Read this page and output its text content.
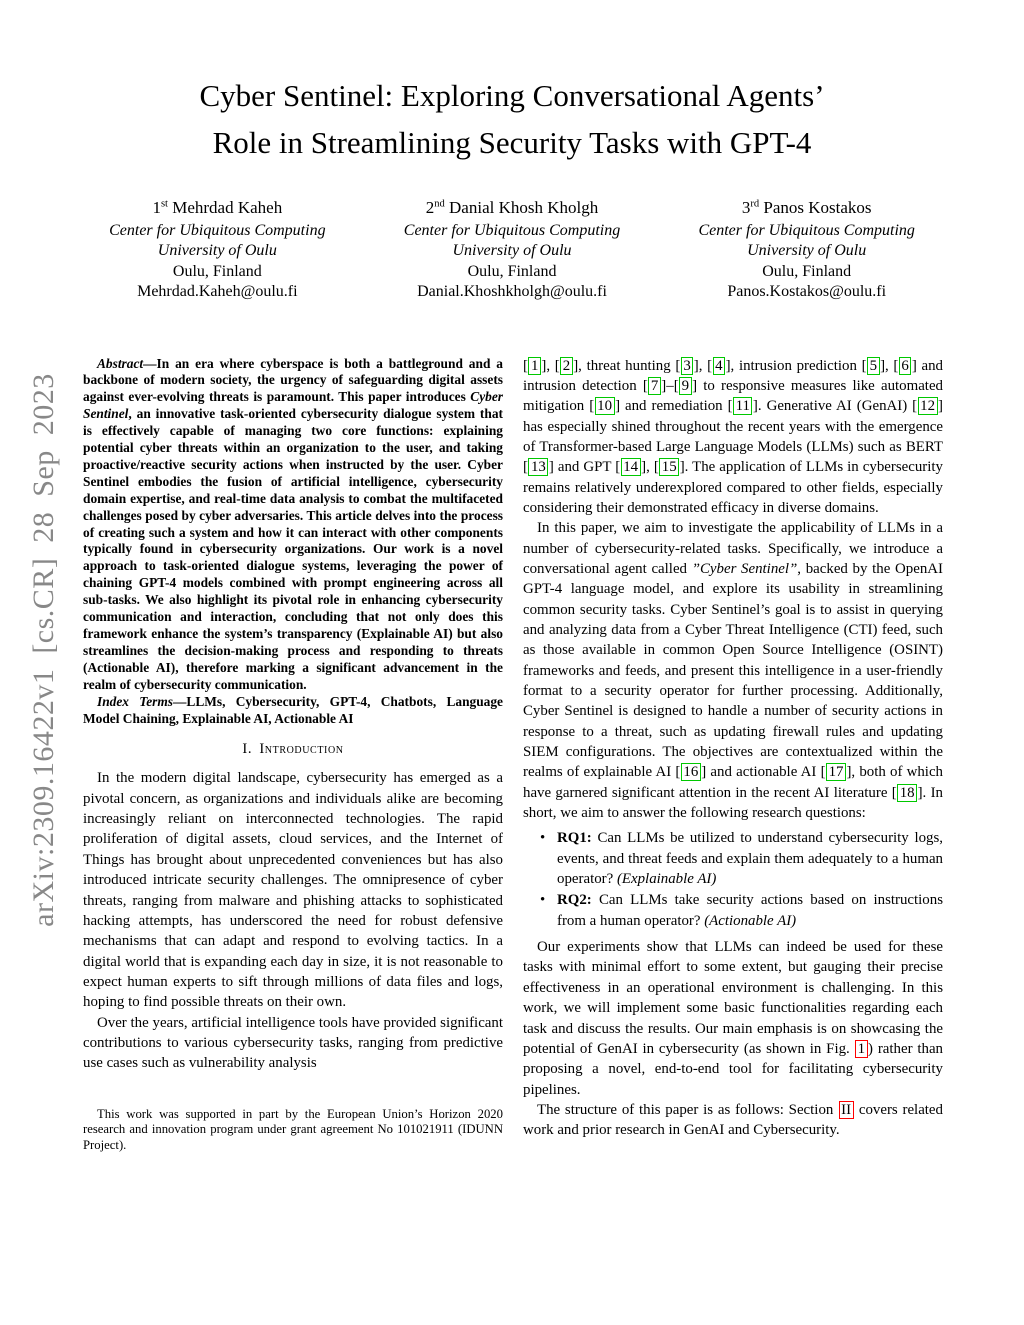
arXiv:2309.16422v1 [cs.CR] 28 Sep 2023
Cyber Sentinel: Exploring Conversational Agents’
Role in Streamlining Security Tasks with GPT-4
1st Mehrdad Kaheh
Center for Ubiquitous Computing
University of Oulu
Oulu, Finland
Mehrdad.Kaheh@oulu.fi
2nd Danial Khosh Kholgh
Center for Ubiquitous Computing
University of Oulu
Oulu, Finland
Danial.Khoshkholgh@oulu.fi
3rd Panos Kostakos
Center for Ubiquitous Computing
University of Oulu
Oulu, Finland
Panos.Kostakos@oulu.fi

Abstract—In an era where cyberspace is both a battleground and a backbone of modern society, the urgency of safeguarding digital assets against ever-evolving threats is paramount. This paper introduces Cyber Sentinel, an innovative task-oriented cybersecurity dialogue system that is effectively capable of managing two core functions: explaining potential cyber threats within an organization to the user, and taking proactive/reactive security actions when instructed by the user. Cyber Sentinel embodies the fusion of artificial intelligence, cybersecurity domain expertise, and real-time data analysis to combat the multifaceted challenges posed by cyber adversaries. This article delves into the process of creating such a system and how it can interact with other components typically found in cybersecurity organizations. Our work is a novel approach to task-oriented dialogue systems, leveraging the power of chaining GPT-4 models combined with prompt engineering across all sub-tasks. We also highlight its pivotal role in enhancing cybersecurity communication and interaction, concluding that not only does this framework enhance the system’s transparency (Explainable AI) but also streamlines the decision-making process and responding to threats (Actionable AI), therefore marking a significant advancement in the realm of cybersecurity communication.

Index Terms—LLMs, Cybersecurity, GPT-4, Chatbots, Language Model Chaining, Explainable AI, Actionable AI

I. Introduction

In the modern digital landscape, cybersecurity has emerged as a pivotal concern, as organizations and individuals alike are becoming increasingly reliant on interconnected technologies. The rapid proliferation of digital assets, cloud services, and the Internet of Things has brought about unprecedented conveniences but has also introduced intricate security challenges. The omnipresence of cyber threats, ranging from malware and phishing attacks to sophisticated hacking attempts, has underscored the need for robust defensive mechanisms that can adapt and respond to evolving tactics. In a digital world that is expanding each day in size, it is not reasonable to expect human experts to sift through millions of data files and logs, hoping to find possible threats on their own.

Over the years, artificial intelligence tools have provided significant contributions to various cybersecurity tasks, ranging from predictive use cases such as vulnerability analysis

This work was supported in part by the European Union’s Horizon 2020 research and innovation program under grant agreement No 101021911 (IDUNN Project).

[ 1 ], [ 2 ], threat hunting [ 3 ], [ 4 ], intrusion prediction [ 5 ], [ 6 ] and intrusion detection [ 7 ]–[ 9 ] to responsive measures like automated mitigation [ 10 ] and remediation [ 11 ]. Generative AI (GenAI) [ 12 ] has especially shined throughout the recent years with the emergence of Transformer-based Large Language Models (LLMs) such as BERT [ 13 ] and GPT [ 14 ], [ 15 ]. The application of LLMs in cybersecurity remains relatively underexplored compared to other fields, especially considering their demonstrated efficacy in diverse domains.

In this paper, we aim to investigate the applicability of LLMs in a number of cybersecurity-related tasks. Specifically, we introduce a conversational agent called ”Cyber Sentinel”, backed by the OpenAI GPT-4 language model, and explore its usability in streamlining common security tasks. Cyber Sentinel’s goal is to assist in querying and analyzing data from a Cyber Threat Intelligence (CTI) feed, such as those available in common Open Source Intelligence (OSINT) frameworks and feeds, and present this intelligence in a user-friendly format to a security operator for further processing. Additionally, Cyber Sentinel is designed to handle a number of security actions in response to a threat, such as updating firewall rules and updating SIEM configurations. The objectives are contextualized within the realms of explainable AI [ 16 ] and actionable AI [ 17 ], both of which have garnered significant attention in the recent AI literature [ 18 ]. In short, we aim to answer the following research questions:

• RQ1: Can LLMs be utilized to understand cybersecurity logs, events, and threat feeds and explain them adequately to a human operator? (Explainable AI)
• RQ2: Can LLMs take security actions based on instructions from a human operator? (Actionable AI)

Our experiments show that LLMs can indeed be used for these tasks with minimal effort to some extent, but gauging their precise effectiveness in an operational environment is challenging. In this work, we will implement some basic functionalities regarding each task and discuss the results. Our main emphasis is on showcasing the potential of GenAI in cybersecurity (as shown in Fig. 1 ) rather than proposing a novel, end-to-end tool for facilitating cybersecurity pipelines.

The structure of this paper is as follows: Section II covers related work and prior research in GenAI and Cybersecurity.
